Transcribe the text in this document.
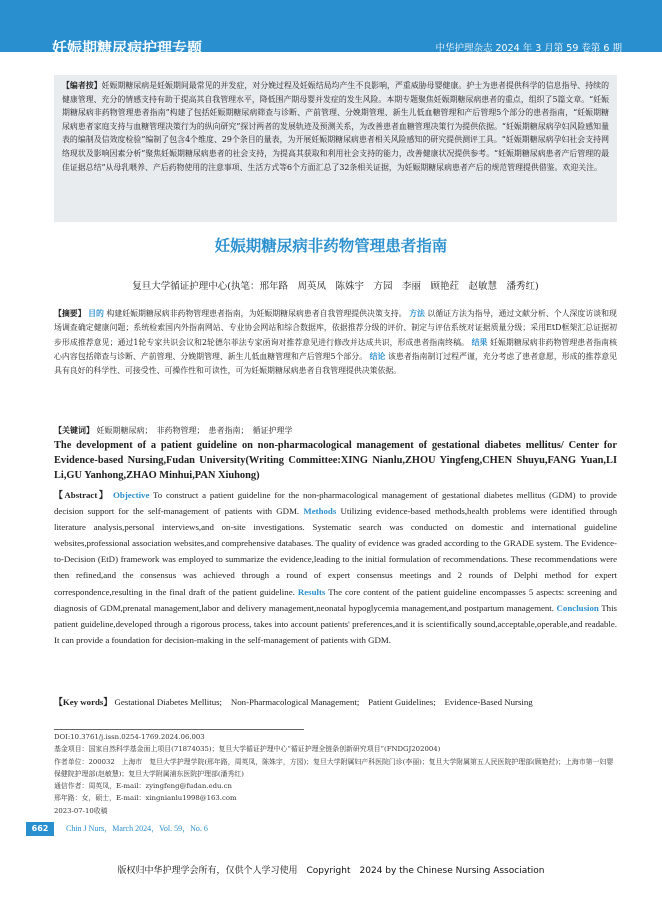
妊娠期糖尿病护理专题	中华护理杂志 2024 年 3 月第 59 卷第 6 期

【编者按】妊娠期糖尿病是妊娠期间最常见的并发症，对分娩过程及妊娠结局均产生不良影响，严重威胁母婴健康。护士为患者提供科学的信息指导、持续的健康管理、充分的情感支持有助于提高其自我管理水平，降低围产期母婴并发症的发生风险。本期专题聚焦妊娠期糖尿病患者的重点，组织了5篇文章。“妊娠期糖尿病非药物管理患者指南”构建了包括妊娠期糖尿病筛查与诊断、产前管理、分娩期管理、新生儿低血糖管理和产后管理5个部分的患者指南，“妊娠期糖尿病患者家庭支持与血糖管理决策行为的纵向研究”探讨两者的发展轨迹及预测关系，为改善患者血糖管理决策行为提供依据。“妊娠期糖尿病孕妇风险感知量表的编制及信效度检验”编制了包含4个维度、29个条目的量表，为开展妊娠期糖尿病患者相关风险感知的研究提供测评工具。“妊娠期糖尿病孕妇社会支持网络现状及影响因素分析”聚焦妊娠期糖尿病患者的社会支持，为提高其获取和利用社会支持的能力，改善健康状况提供参考。“妊娠期糖尿病患者产后管理的最佳证据总结”从母乳喂养、产后药物使用的注意事项、生活方式等6个方面汇总了32条相关证据，为妊娠期糖尿病患者产后的规范管理提供借鉴。欢迎关注。

妊娠期糖尿病非药物管理患者指南
复旦大学循证护理中心(执笔：邢年路　周英凤　陈姝宇　方园　李丽　顾艳荭　赵敏慧　潘秀红)
【摘要】 目的 构建妊娠期糖尿病非药物管理患者指南，为妊娠期糖尿病患者自我管理提供决策支持。 方法 以循证方法为指导，通过文献分析、个人深度访谈和现场调查确定健康问题；系统检索国内外指南网站、专业协会网站和综合数据库，依据推荐分级的评价、制定与评估系统对证据质量分级；采用EtD框架汇总证据初步形成推荐意见；通过1轮专家共识会议和2轮德尔菲法专家函询对推荐意见进行修改并达成共识，形成患者指南终稿。 结果 妊娠期糖尿病非药物管理患者指南核心内容包括筛查与诊断、产前管理、分娩期管理、新生儿低血糖管理和产后管理5个部分。 结论 该患者指南制订过程严谨，充分考虑了患者意愿，形成的推荐意见具有良好的科学性、可接受性、可操作性和可读性，可为妊娠期糖尿病患者自我管理提供决策依据。
【关键词】 妊娠期糖尿病；　非药物管理；　患者指南；　循证护理学
The development of a patient guideline on non-pharmacological management of gestational diabetes mellitus/ Center for Evidence-based Nursing,Fudan University(Writing Committee:XING Nianlu,ZHOU Yingfeng,CHEN Shuyu,FANG Yuan,LI Li,GU Yanhong,ZHAO Minhui,PAN Xiuhong)
【Abstract】 Objective To construct a patient guideline for the non-pharmacological management of gestational diabetes mellitus (GDM) to provide decision support for the self-management of patients with GDM. Methods Utilizing evidence-based methods,health problems were identified through literature analysis,personal interviews,and on-site investigations. Systematic search was conducted on domestic and international guideline websites,professional association websites,and comprehensive databases. The quality of evidence was graded according to the GRADE system. The Evidence-to-Decision (EtD) framework was employed to summarize the evidence,leading to the initial formulation of recommendations. These recommendations were then refined,and the consensus was achieved through a round of expert consensus meetings and 2 rounds of Delphi method for expert correspondence,resulting in the final draft of the patient guideline. Results The core content of the patient guideline encompasses 5 aspects: screening and diagnosis of GDM,prenatal management,labor and delivery management,neonatal hypoglycemia management,and postpartum management. Conclusion This patient guideline,developed through a rigorous process, takes into account patients' preferences,and it is scientifically sound,acceptable,operable,and readable. It can provide a foundation for decision-making in the self-management of patients with GDM.
【Key words】 Gestational Diabetes Mellitus;　Non-Pharmacological Management;　Patient Guidelines;　Evidence-Based Nursing
DOI:10.3761/j.issn.0254-1769.2024.06.003
基金项目：国家自然科学基金面上项目(71874035)；复旦大学循证护理中心“循证护理全链条创新研究项目”(FNDGJ202004)
作者单位：200032　上海市　复旦大学护理学院(邢年路，周英凤，陈姝宇，方园)；复旦大学附属妇产科医院门诊(李丽)；复旦大学附属第五人民医院护理部(顾艳荭)；上海市第一妇婴保健院护理部(赵敏慧)；复旦大学附属浦东医院护理部(潘秀红)
通信作者：周英凤，E-mail：zyingfeng@fudan.edu.cn
邢年路：女，硕士，E-mail：xingnianlu1998@163.com
2023-07-10收稿
662	Chin J Nurs，March 2024，Vol. 59，No. 6
版权归中华护理学会所有，仅供个人学习使用　Copyright　2024 by the Chinese Nursing Association
